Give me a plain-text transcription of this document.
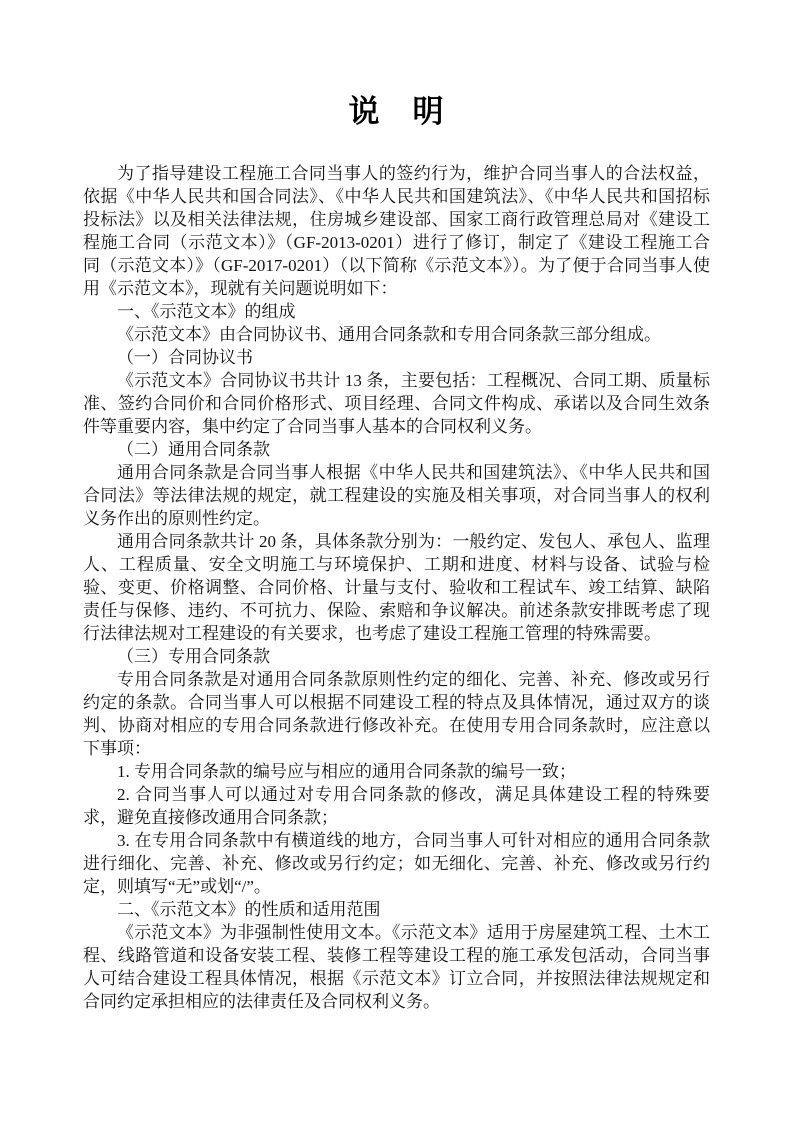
说　明

为了指导建设工程施工合同当事人的签约行为，维护合同当事人的合法权益，依据《中华人民共和国合同法》、《中华人民共和国建筑法》、《中华人民共和国招标投标法》以及相关法律法规，住房城乡建设部、国家工商行政管理总局对《建设工程施工合同（示范文本）》（GF-2013-0201）进行了修订，制定了《建设工程施工合同（示范文本）》（GF-2017-0201）（以下简称《示范文本》）。为了便于合同当事人使用《示范文本》，现就有关问题说明如下：

一、《示范文本》的组成

《示范文本》由合同协议书、通用合同条款和专用合同条款三部分组成。

（一）合同协议书

《示范文本》合同协议书共计 13 条，主要包括：工程概况、合同工期、质量标准、签约合同价和合同价格形式、项目经理、合同文件构成、承诺以及合同生效条件等重要内容，集中约定了合同当事人基本的合同权利义务。

（二）通用合同条款

通用合同条款是合同当事人根据《中华人民共和国建筑法》、《中华人民共和国合同法》等法律法规的规定，就工程建设的实施及相关事项，对合同当事人的权利义务作出的原则性约定。

通用合同条款共计 20 条，具体条款分别为：一般约定、发包人、承包人、监理人、工程质量、安全文明施工与环境保护、工期和进度、材料与设备、试验与检验、变更、价格调整、合同价格、计量与支付、验收和工程试车、竣工结算、缺陷责任与保修、违约、不可抗力、保险、索赔和争议解决。前述条款安排既考虑了现行法律法规对工程建设的有关要求，也考虑了建设工程施工管理的特殊需要。

（三）专用合同条款

专用合同条款是对通用合同条款原则性约定的细化、完善、补充、修改或另行约定的条款。合同当事人可以根据不同建设工程的特点及具体情况，通过双方的谈判、协商对相应的专用合同条款进行修改补充。在使用专用合同条款时，应注意以下事项：

1. 专用合同条款的编号应与相应的通用合同条款的编号一致；

2. 合同当事人可以通过对专用合同条款的修改，满足具体建设工程的特殊要求，避免直接修改通用合同条款；

3. 在专用合同条款中有横道线的地方，合同当事人可针对相应的通用合同条款进行细化、完善、补充、修改或另行约定；如无细化、完善、补充、修改或另行约定，则填写“无”或划“/”。

二、《示范文本》的性质和适用范围

《示范文本》为非强制性使用文本。《示范文本》适用于房屋建筑工程、土木工程、线路管道和设备安装工程、装修工程等建设工程的施工承发包活动，合同当事人可结合建设工程具体情况，根据《示范文本》订立合同，并按照法律法规规定和合同约定承担相应的法律责任及合同权利义务。
